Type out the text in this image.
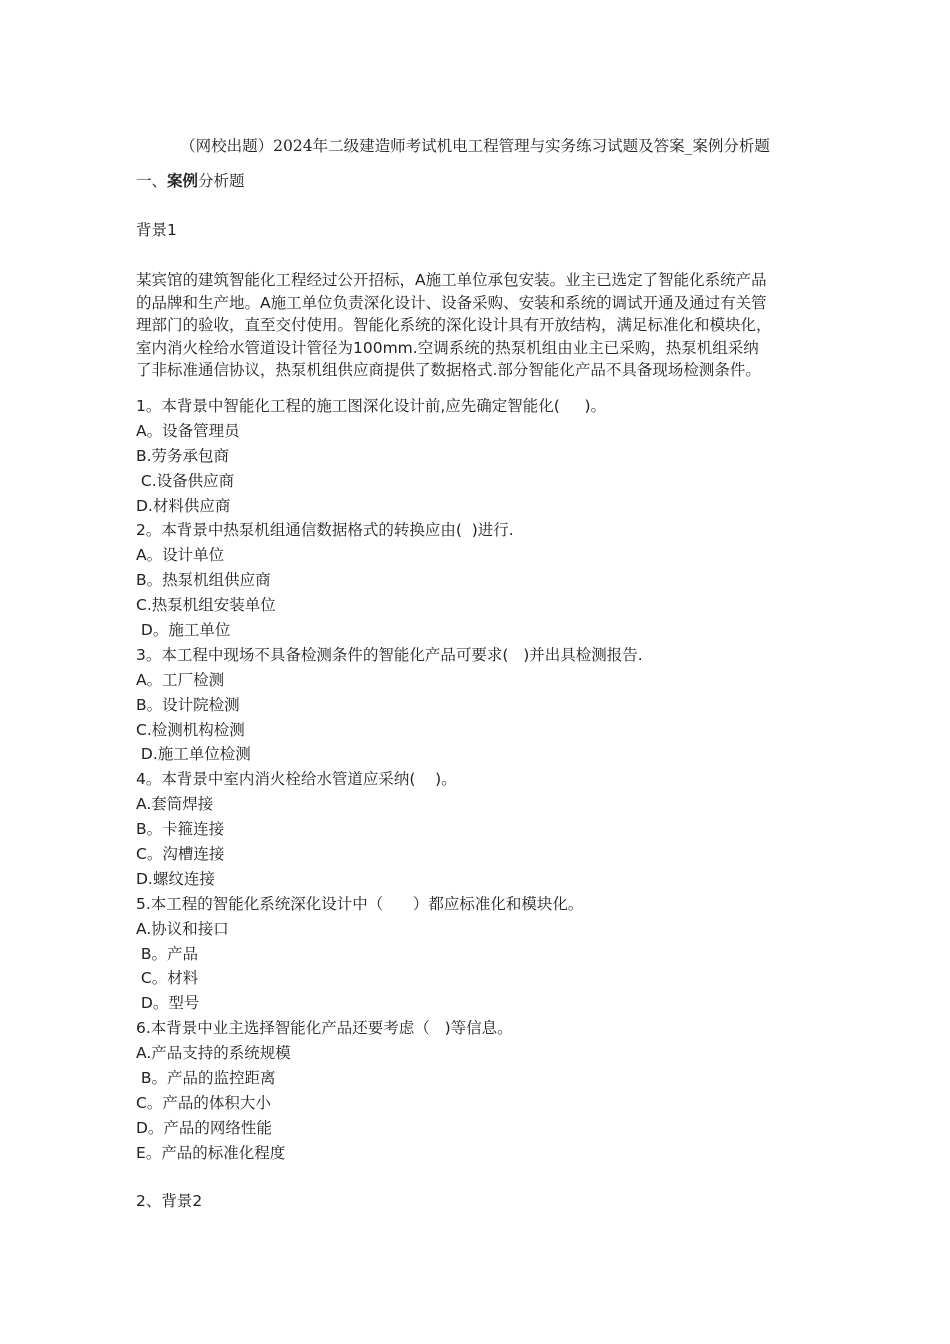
（网校出题）2024年二级建造师考试机电工程管理与实务练习试题及答案_案例分析题
一、案例分析题
背景1
某宾馆的建筑智能化工程经过公开招标，A施工单位承包安装。业主已选定了智能化系统产品
的品牌和生产地。A施工单位负责深化设计、设备采购、安装和系统的调试开通及通过有关管
理部门的验收，直至交付使用。智能化系统的深化设计具有开放结构，满足标准化和模块化，
室内消火栓给水管道设计管径为100mm.空调系统的热泵机组由业主已采购，热泵机组采纳
了非标准通信协议，热泵机组供应商提供了数据格式.部分智能化产品不具备现场检测条件。
1。本背景中智能化工程的施工图深化设计前,应先确定智能化(     )。
A。设备管理员
B.劳务承包商
C.设备供应商
D.材料供应商
2。本背景中热泵机组通信数据格式的转换应由(  )进行.
A。设计单位
B。热泵机组供应商
C.热泵机组安装单位
D。施工单位
3。本工程中现场不具备检测条件的智能化产品可要求(   )并出具检测报告.
A。工厂检测
B。设计院检测
C.检测机构检测
D.施工单位检测
4。本背景中室内消火栓给水管道应采纳(    )。
A.套筒焊接
B。卡箍连接
C。沟槽连接
D.螺纹连接
5.本工程的智能化系统深化设计中（      ）都应标准化和模块化。
A.协议和接口
B。产品
C。材料
D。型号
6.本背景中业主选择智能化产品还要考虑（   )等信息。
A.产品支持的系统规模
B。产品的监控距离
C。产品的体积大小
D。产品的网络性能
E。产品的标准化程度
2、背景2
